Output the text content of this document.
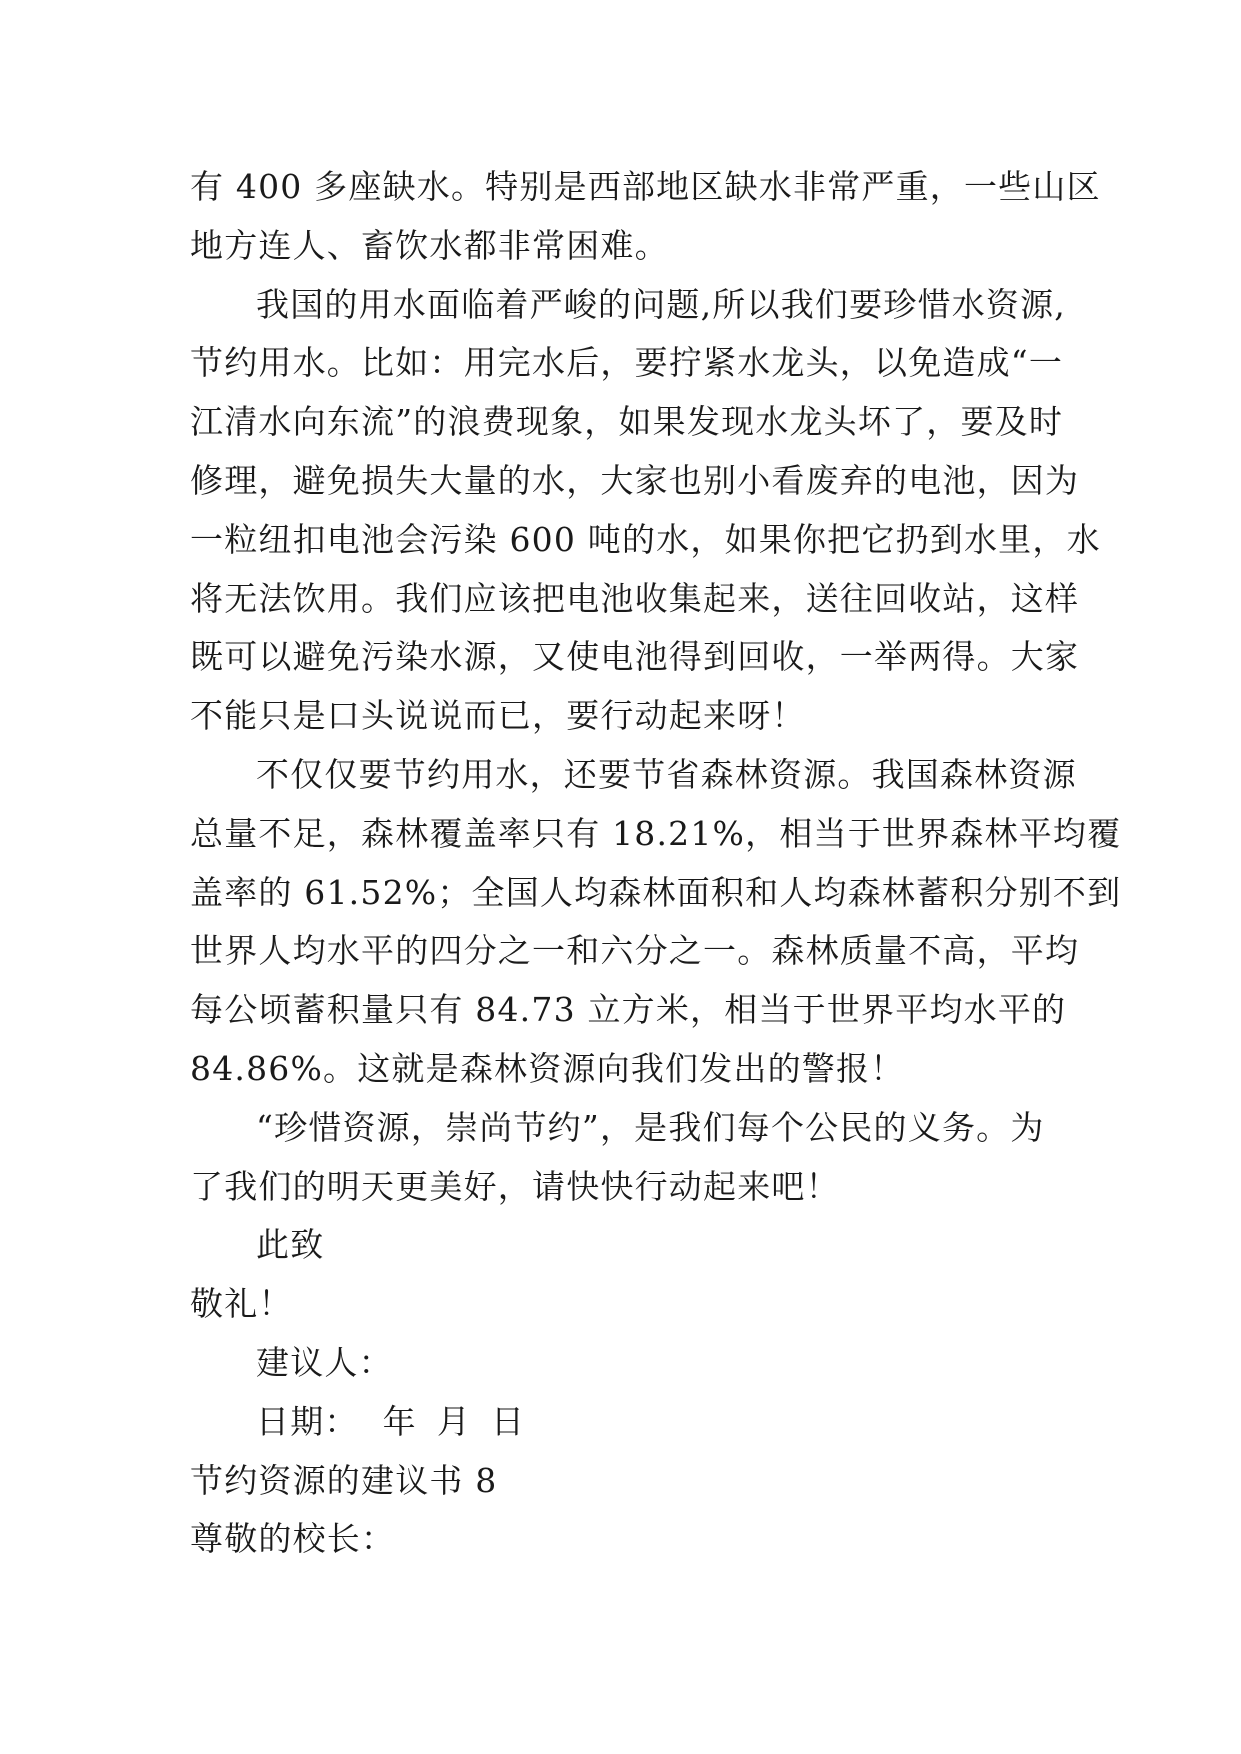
有 400 多座缺水。特别是西部地区缺水非常严重，一些山区
地方连人、畜饮水都非常困难。
我国的用水面临着严峻的问题,所以我们要珍惜水资源,
节约用水。比如：用完水后，要拧紧水龙头，以免造成“一
江清水向东流”的浪费现象，如果发现水龙头坏了，要及时
修理，避免损失大量的水，大家也别小看废弃的电池，因为
一粒纽扣电池会污染 600 吨的水，如果你把它扔到水里，水
将无法饮用。我们应该把电池收集起来，送往回收站，这样
既可以避免污染水源，又使电池得到回收，一举两得。大家
不能只是口头说说而已，要行动起来呀！
不仅仅要节约用水，还要节省森林资源。我国森林资源
总量不足，森林覆盖率只有 18.21%，相当于世界森林平均覆
盖率的 61.52%；全国人均森林面积和人均森林蓄积分别不到
世界人均水平的四分之一和六分之一。森林质量不高，平均
每公顷蓄积量只有 84.73 立方米，相当于世界平均水平的
84.86%。这就是森林资源向我们发出的警报！
“珍惜资源，崇尚节约”，是我们每个公民的义务。为
了我们的明天更美好，请快快行动起来吧！
此致
敬礼！
建议人：
日期： 年 月 日
节约资源的建议书 8
尊敬的校长：
